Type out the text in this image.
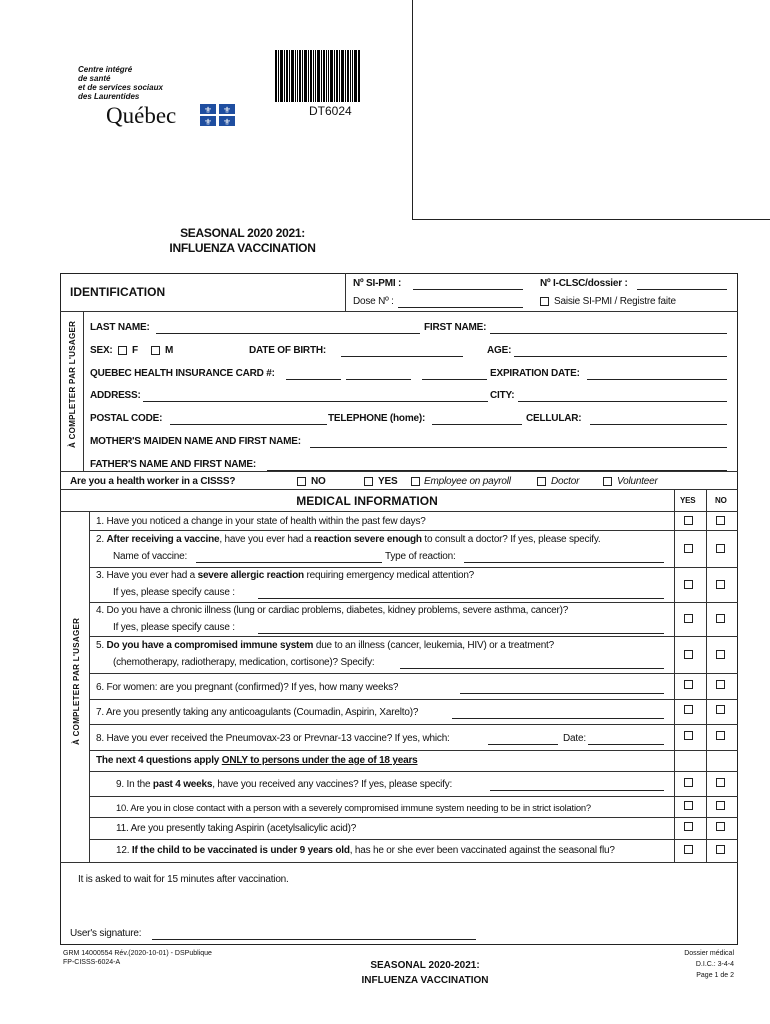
Centre intégré
de santé
et de services sociaux
des Laurentides
Québec	⚜ ⚜
⚜ ⚜
DT6024
SEASONAL 2020 2021:
INFLUENZA VACCINATION
IDENTIFICATION
Nº SI-PMI :	Nº I-CLSC/dossier :
Dose Nº :	Saisie SI-PMI / Registre faite
À COMPLETER PAR L'USAGER LAST NAME:	FIRST NAME:
SEX: F	M	DATE OF BIRTH:	AGE:
QUEBEC HEALTH INSURANCE CARD #:	EXPIRATION DATE:
ADDRESS:	CITY:
POSTAL CODE:	TELEPHONE (home):	CELLULAR:
MOTHER'S MAIDEN NAME AND FIRST NAME:
FATHER'S NAME AND FIRST NAME:
Are you a health worker in a CISSS?	NO	YES	Employee on payroll	Doctor	Volunteer
MEDICAL INFORMATION	YES NO
À COMPLETER PAR L'USAGER
1. Have you noticed a change in your state of health within the past few days?
2. After receiving a vaccine, have you ever had a reaction severe enough to consult a doctor? If yes, please specify.
Name of vaccine:	Type of reaction:
3. Have you ever had a severe allergic reaction requiring emergency medical attention?
If yes, please specify cause :
4. Do you have a chronic illness (lung or cardiac problems, diabetes, kidney problems, severe asthma, cancer)?
If yes, please specify cause :
5. Do you have a compromised immune system due to an illness (cancer, leukemia, HIV) or a treatment?
(chemotherapy, radiotherapy, medication, cortisone)? Specify:
6. For women: are you pregnant (confirmed)? If yes, how many weeks?
7. Are you presently taking any anticoagulants (Coumadin, Aspirin, Xarelto)?
8. Have you ever received the Pneumovax-23 or Prevnar-13 vaccine? If yes, which:	Date:
The next 4 questions apply ONLY to persons under the age of 18 years
9. In the past 4 weeks, have you received any vaccines? If yes, please specify:
10. Are you in close contact with a person with a severely compromised immune system needing to be in strict isolation?
11. Are you presently taking Aspirin (acetylsalicylic acid)?
12. If the child to be vaccinated is under 9 years old, has he or she ever been vaccinated against the seasonal flu?
It is asked to wait for 15 minutes after vaccination.
User's signature:
GRM 14000554 Rév.(2020-10-01) - DSPublique
FP-CISSS-6024-A	SEASONAL 2020-2021:
INFLUENZA VACCINATION
Dossier médical
D.I.C.: 3-4-4
Page 1 de 2
